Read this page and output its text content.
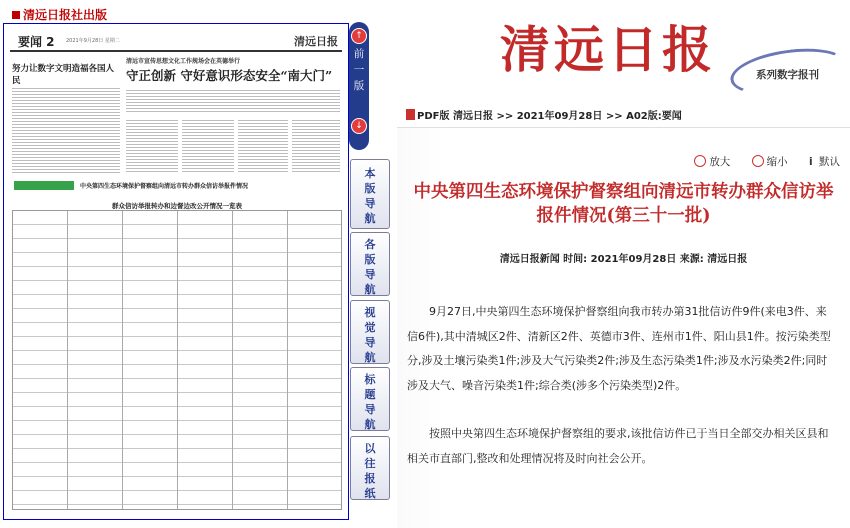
清远日报社出版
要闻 2 2021年9月28日 星期二	清远日报
努力让数字文明造福各国人民
清远市宣传思想文化工作规场会在英德举行
守正创新 守好意识形态安全“南大门”
中央第四生态环境保护督察组向清远市转办群众信访举报件情况
群众信访举报转办和边督边改公开情况一览表
↑
前一版
↓
本版导航
各版导航
视觉导航
标题导航
以往报纸
清远日报	系列数字报刊
PDF版 清远日报 >> 2021年09月28日 >> A02版:要闻
放大	缩小 i 默认
中央第四生态环境保护督察组向清远市转办群众信访举报件情况(第三十一批)
清远日报新闻 时间: 2021年09月28日 来源: 清远日报

9月27日,中央第四生态环境保护督察组向我市转办第31批信访件9件(来电3件、来信6件),其中清城区2件、清新区2件、英德市3件、连州市1件、阳山县1件。按污染类型分,涉及土壤污染类1件;涉及大气污染类2件;涉及生态污染类1件;涉及水污染类2件;同时涉及大气、噪音污染类1件;综合类(涉多个污染类型)2件。

按照中央第四生态环境保护督察组的要求,该批信访件已于当日全部交办相关区县和相关市直部门,整改和处理情况将及时向社会公开。
